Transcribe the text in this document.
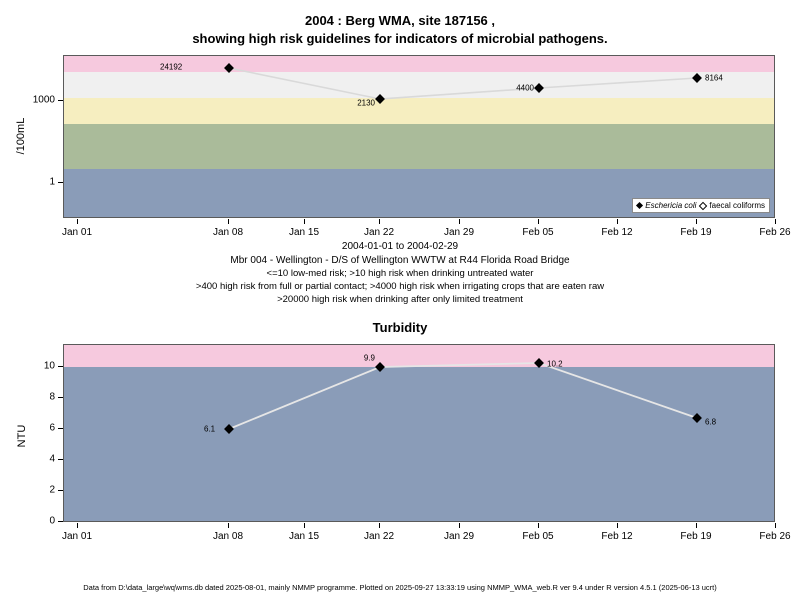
2004 : Berg WMA, site 187156 ,
showing high risk guidelines for indicators of microbial pathogens.
24192
2130
4400
8164
Eschericia coli faecal coliforms
1000
1
/100mL
Jan 01	Jan 08	Jan 15	Jan 22	Jan 29	Feb 05	Feb 12	Feb 19	Feb 26
2004-01-01 to 2004-02-29
Mbr 004 - Wellington - D/S of Wellington WWTW at R44 Florida Road Bridge
<=10 low-med risk; >10 high risk when drinking untreated water
>400 high risk from full or partial contact; >4000 high risk when irrigating crops that are eaten raw
>20000 high risk when drinking after only limited treatment
Turbidity
6.1
9.9
10.2
6.8
10
8
6
4
2
0
NTU
Jan 01	Jan 08	Jan 15	Jan 22	Jan 29	Feb 05	Feb 12	Feb 19	Feb 26
Data from D:\data_large\wq\wms.db dated 2025-08-01, mainly NMMP programme. Plotted on 2025-09-27 13:33:19 using NMMP_WMA_web.R ver 9.4 under R version 4.5.1 (2025-06-13 ucrt)
